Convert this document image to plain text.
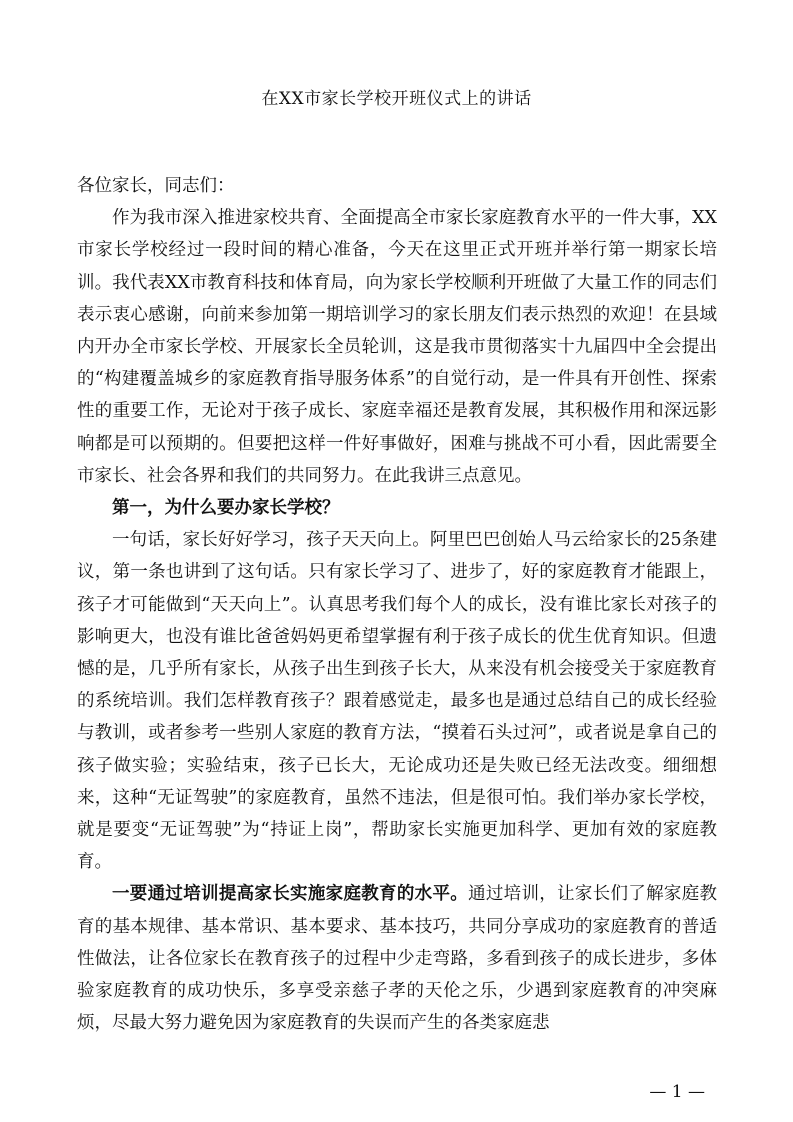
在XX市家长学校开班仪式上的讲话

各位家长，同志们：

作为我市深入推进家校共育、全面提高全市家长家庭教育水平的一件大事，XX市家长学校经过一段时间的精心准备，今天在这里正式开班并举行第一期家长培训。我代表XX市教育科技和体育局，向为家长学校顺利开班做了大量工作的同志们表示衷心感谢，向前来参加第一期培训学习的家长朋友们表示热烈的欢迎！在县域内开办全市家长学校、开展家长全员轮训，这是我市贯彻落实十九届四中全会提出的“构建覆盖城乡的家庭教育指导服务体系”的自觉行动，是一件具有开创性、探索性的重要工作，无论对于孩子成长、家庭幸福还是教育发展，其积极作用和深远影响都是可以预期的。但要把这样一件好事做好，困难与挑战不可小看，因此需要全市家长、社会各界和我们的共同努力。在此我讲三点意见。

第一，为什么要办家长学校？

一句话，家长好好学习，孩子天天向上。阿里巴巴创始人马云给家长的25条建议，第一条也讲到了这句话。只有家长学习了、进步了，好的家庭教育才能跟上，孩子才可能做到“天天向上”。认真思考我们每个人的成长，没有谁比家长对孩子的影响更大，也没有谁比爸爸妈妈更希望掌握有利于孩子成长的优生优育知识。但遗憾的是，几乎所有家长，从孩子出生到孩子长大，从来没有机会接受关于家庭教育的系统培训。我们怎样教育孩子？跟着感觉走，最多也是通过总结自己的成长经验与教训，或者参考一些别人家庭的教育方法，“摸着石头过河”，或者说是拿自己的孩子做实验；实验结束，孩子已长大，无论成功还是失败已经无法改变。细细想来，这种“无证驾驶”的家庭教育，虽然不违法，但是很可怕。我们举办家长学校，就是要变“无证驾驶”为“持证上岗”，帮助家长实施更加科学、更加有效的家庭教育。

一要通过培训提高家长实施家庭教育的水平。通过培训，让家长们了解家庭教育的基本规律、基本常识、基本要求、基本技巧，共同分享成功的家庭教育的普适性做法，让各位家长在教育孩子的过程中少走弯路，多看到孩子的成长进步，多体验家庭教育的成功快乐，多享受亲慈子孝的天伦之乐，少遇到家庭教育的冲突麻烦，尽最大努力避免因为家庭教育的失误而产生的各类家庭悲

— 1 —
